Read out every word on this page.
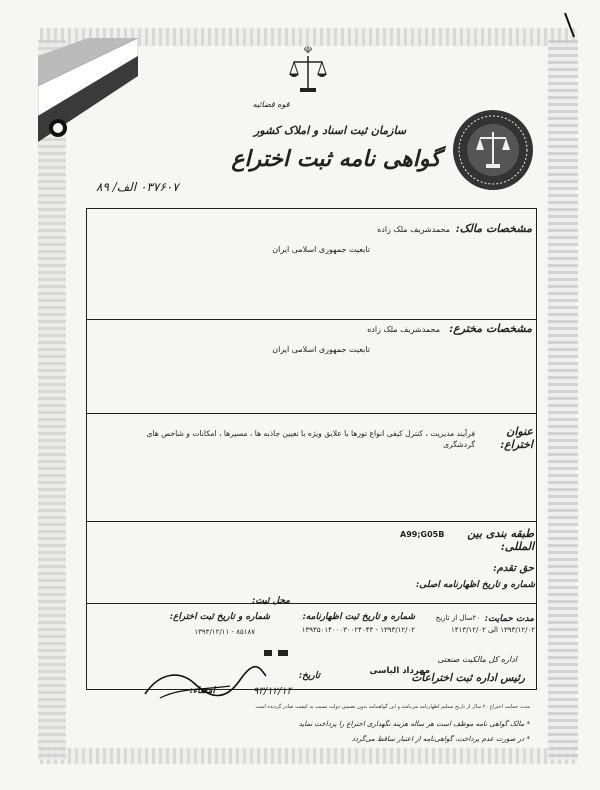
☫
قوه قضائیه
سازمان ثبت اسناد و املاک کشور
گواهی نامه ثبت اختراع
۰۳۷۶۰۷ الف/ ۸۹
مشخصات مالک:
محمدشریف ملک زاده
تابعیت جمهوری اسلامی ایران
مشخصات مخترع:
محمدشریف ملک زاده
تابعیت جمهوری اسلامی ایران
عنوان اختراع:
فرآیند مدیریت ، کنترل کیفی انواع تورها با علایق ویژه با تعیین جاذبه ها ، مسیرها ، امکانات و شاخص های
گردشگری
طبقه بندی بین المللی:
A99;G05B
حق تقدم:
شماره و تاریخ اظهارنامه اصلی:
محل ثبت:
مدت حمایت:
۲۰سال از تاریخ
۱۳۹۳/۱۲/۰۲ الی ۱۴۱۳/۱۲/۰۲
شماره و تاریخ ثبت اظهارنامه:
۱۳۹۳/۱۲/۰۲ - ۱۳۹۳۵۰۱۴۰۰۰۳۰۰۲۴۰۴۴
شماره و تاریخ ثبت اختراع:
۸۵۱۸۷ - ۱۳۹۳/۱۲/۱۱
اداره کل مالکیت صنعتی
مهرداد الیاسی
رئیس اداره ثبت اختراعات
تاریخ:
۹۳/۱۲/۱۴
امضاء:
مدت حمایت اختراع ۲۰ سال از تاریخ تسلیم اظهارنامه می‌باشد و این گواهینامه بدون تضمین دولت نسبت به کیفیت صادر گردیده است
* مالک گواهی نامه موظف است هر ساله هزینه نگهداری اختراع را پرداخت نماید
* در صورت عدم پرداخت، گواهی‌نامه از اعتبار ساقط می‌گردد
